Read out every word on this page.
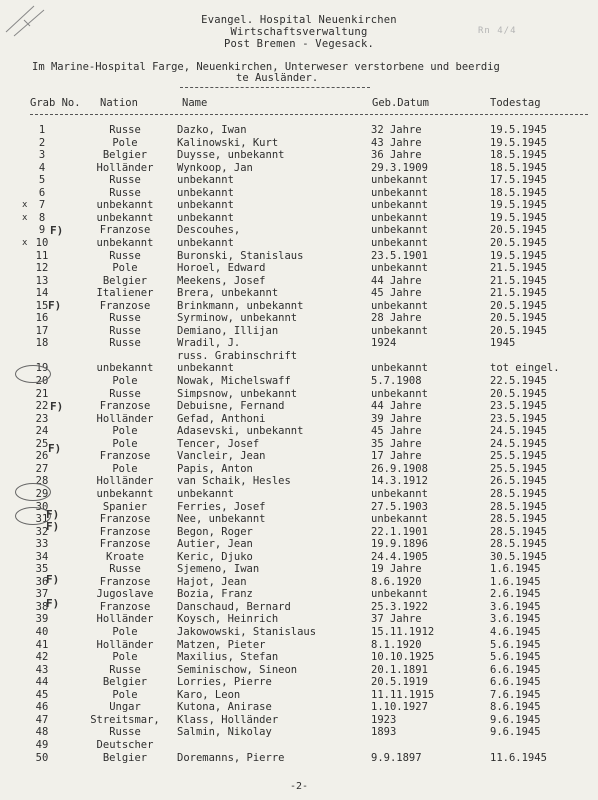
Evangel. Hospital Neuenkirchen
Wirtschaftsverwaltung
Post Bremen - Vegesack.
Rn 4/4
Im Marine-Hospital Farge, Neuenkirchen, Unterweser verstorbene und beerdig
te Ausländer.
Grab No. Nation	Name	Geb.Datum	Todestag
1	Russe	Dazko, Iwan	32 Jahre	19.5.1945
2	Pole	Kalinowski, Kurt	43 Jahre	19.5.1945
3	Belgier	Duysse, unbekannt	36 Jahre	18.5.1945
4	Holländer	Wynkoop, Jan	29.3.1909	18.5.1945
5	Russe	unbekannt	unbekannt	17.5.1945
6	Russe	unbekannt	unbekannt	18.5.1945
x	7	unbekannt	unbekannt	unbekannt	19.5.1945
x	8	unbekannt	unbekannt	unbekannt	19.5.1945
9	Franzose	Descouhes,	unbekannt	20.5.1945
x 10	unbekannt	unbekannt	unbekannt	20.5.1945
11	Russe	Buronski, Stanislaus	23.5.1901	19.5.1945
12	Pole	Horoel, Edward	unbekannt	21.5.1945
13	Belgier	Meekens, Josef	44 Jahre	21.5.1945
14	Italiener	Brera, unbekannt	45 Jahre	21.5.1945
15	Franzose	Brinkmann, unbekannt	unbekannt	20.5.1945
16	Russe	Syrminow, unbekannt	28 Jahre	20.5.1945
17	Russe	Demiano, Illijan	unbekannt	20.5.1945
18	Russe	Wradil, J.	1924	1945
russ. Grabinschrift
19	unbekannt	unbekannt	unbekannt	tot eingel.
20	Pole	Nowak, Michelswaff	5.7.1908	22.5.1945
21	Russe	Simpsnow, unbekannt	unbekannt	20.5.1945
22	Franzose	Debuisne, Fernand	44 Jahre	23.5.1945
23	Holländer	Gefad, Anthoni	39 Jahre	23.5.1945
24	Pole	Adasevski, unbekannt	45 Jahre	24.5.1945
25	Pole	Tencer, Josef	35 Jahre	24.5.1945
26	Franzose	Vancleir, Jean	17 Jahre	25.5.1945
27	Pole	Papis, Anton	26.9.1908	25.5.1945
28	Holländer	van Schaik, Hesles	14.3.1912	26.5.1945
29	unbekannt	unbekannt	unbekannt	28.5.1945
30	Spanier	Ferries, Josef	27.5.1903	28.5.1945
31	Franzose	Nee, unbekannt	unbekannt	28.5.1945
32	Franzose	Begon, Roger	22.1.1901	28.5.1945
33	Franzose	Autier, Jean	19.9.1896	28.5.1945
34	Kroate	Keric, Djuko	24.4.1905	30.5.1945
35	Russe	Sjemeno, Iwan	19 Jahre	1.6.1945
36	Franzose	Hajot, Jean	8.6.1920	1.6.1945
37	Jugoslave	Bozia, Franz	unbekannt	2.6.1945
38	Franzose	Danschaud, Bernard	25.3.1922	3.6.1945
39	Holländer	Koysch, Heinrich	37 Jahre	3.6.1945
40	Pole	Jakowowski, Stanislaus	15.11.1912	4.6.1945
41	Holländer	Matzen, Pieter	8.1.1920	5.6.1945
42	Pole	Maxilius, Stefan	10.10.1925	5.6.1945
43	Russe	Seminischow, Sineon	20.1.1891	6.6.1945
44	Belgier	Lorries, Pierre	20.5.1919	6.6.1945
45	Pole	Karo, Leon	11.11.1915	7.6.1945
46	Ungar	Kutona, Anirase	1.10.1927	8.6.1945
47	Streitsmar,	Klass, Holländer	1923	9.6.1945
48	Russe	Salmin, Nikolay	1893	9.6.1945
49	Deutscher
50	Belgier	Doremanns, Pierre	9.9.1897	11.6.1945
F)
F)
F)
F)
F)
F)
F)
F)
-2-
